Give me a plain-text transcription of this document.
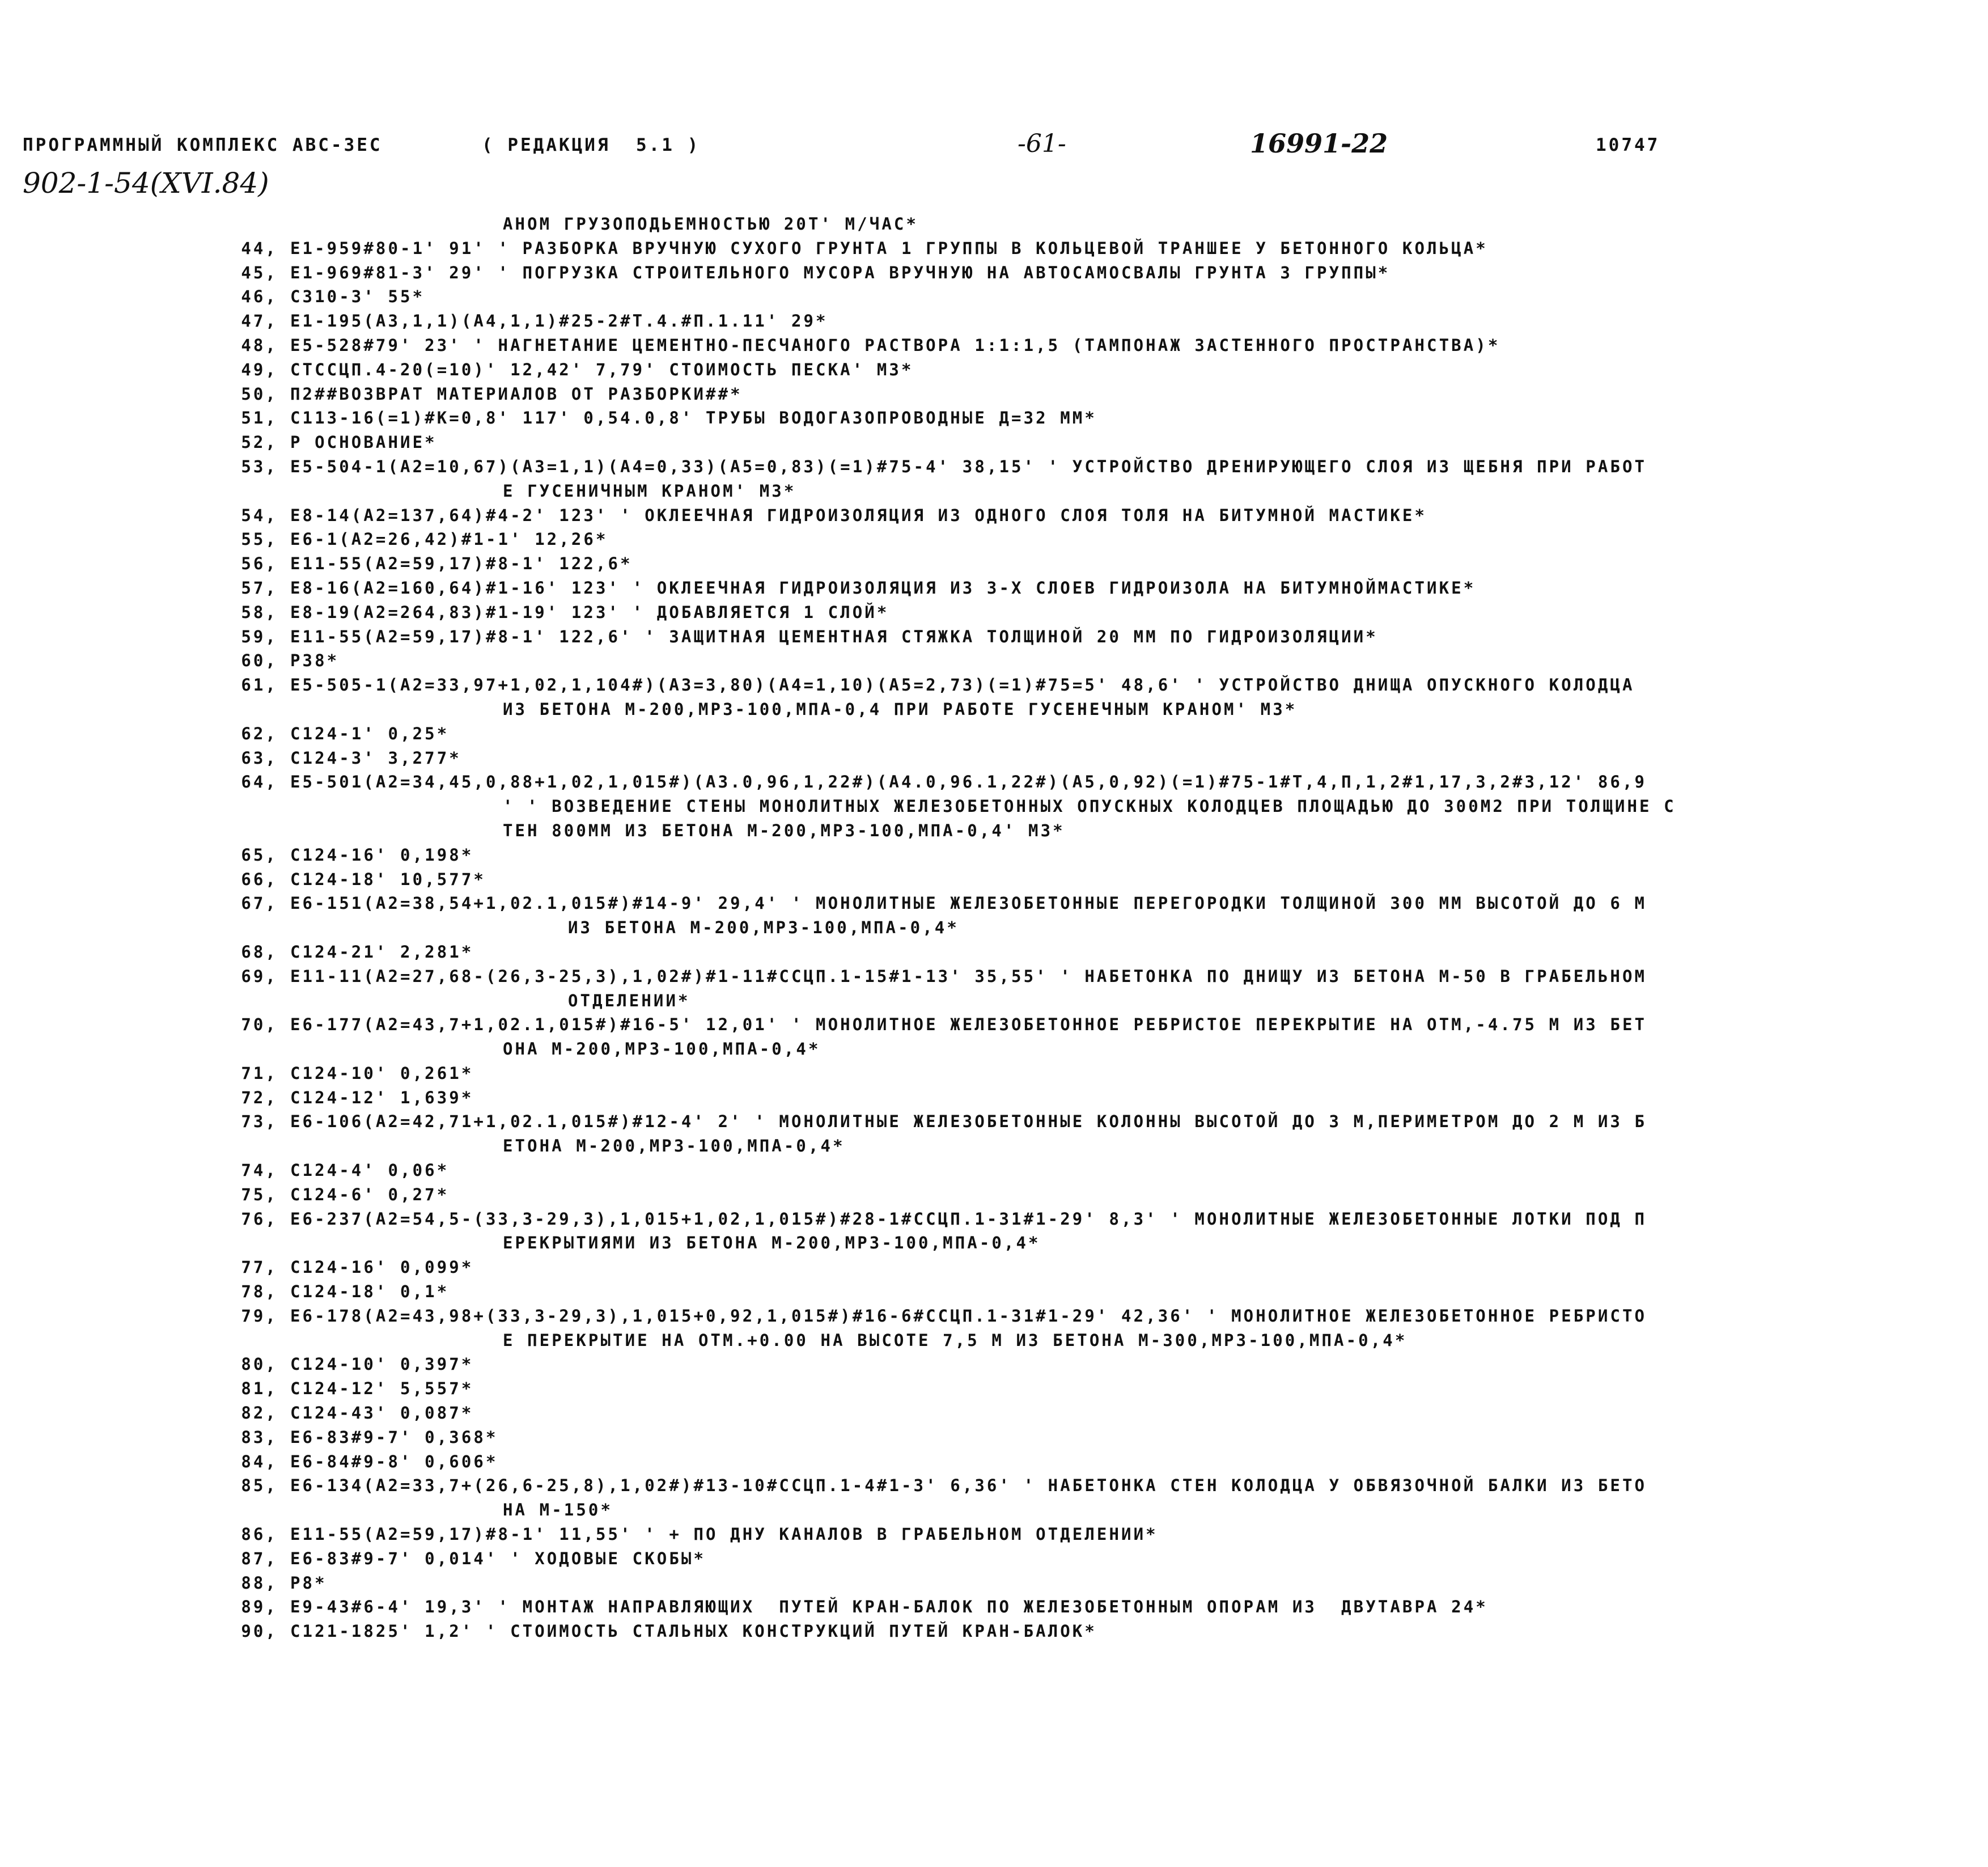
ПРОГРАММНЫЙ КОМПЛЕКС АВС-3ЕС	( РЕДАКЦИЯ  5.1 )	-61-	16991-22	10747
902-1-54(XVI.84)
АНОМ ГРУЗОПОДЬЕМНОСТЬЮ 20Т' М/ЧАС*
44, E1-959#80-1' 91' ' РАЗБОРКА ВРУЧНУЮ СУХОГО ГРУНТА 1 ГРУППЫ В КОЛЬЦЕВОЙ ТРАНШЕЕ У БЕТОННОГО КОЛЬЦА*
45, E1-969#81-3' 29' ' ПОГРУЗКА СТРОИТЕЛЬНОГО МУСОРА ВРУЧНУЮ НА АВТОСАМОСВАЛЫ ГРУНТА 3 ГРУППЫ*
46, C310-3' 55*
47, E1-195(A3,1,1)(A4,1,1)#25-2#T.4.#П.1.11' 29*
48, E5-528#79' 23' ' НАГНЕТАНИЕ ЦЕМЕНТНО-ПЕСЧАНОГО РАСТВОРА 1:1:1,5 (ТАМПОНАЖ ЗАСТЕННОГО ПРОСТРАНСТВА)*
49, CTCCЦП.4-20(=10)' 12,42' 7,79' СТОИМОСТЬ ПЕСКА' М3*
50, П2##ВОЗВРАТ МАТЕРИАЛОВ ОТ РАЗБОРКИ##*
51, C113-16(=1)#K=0,8' 117' 0,54.0,8' ТРУБЫ ВОДОГАЗОПРОВОДНЫЕ Д=32 ММ*
52, P ОСНОВАНИЕ*
53, E5-504-1(A2=10,67)(A3=1,1)(A4=0,33)(A5=0,83)(=1)#75-4' 38,15' ' УСТРОЙСТВО ДРЕНИРУЮЩЕГО СЛОЯ ИЗ ЩЕБНЯ ПРИ РАБОТ
Е ГУСЕНИЧНЫМ КРАНОМ' М3*
54, E8-14(A2=137,64)#4-2' 123' ' ОКЛЕЕЧНАЯ ГИДРОИЗОЛЯЦИЯ ИЗ ОДНОГО СЛОЯ ТОЛЯ НА БИТУМНОЙ МАСТИКЕ*
55, E6-1(A2=26,42)#1-1' 12,26*
56, E11-55(A2=59,17)#8-1' 122,6*
57, E8-16(A2=160,64)#1-16' 123' ' ОКЛЕЕЧНАЯ ГИДРОИЗОЛЯЦИЯ ИЗ 3-Х СЛОЕВ ГИДРОИЗОЛА НА БИТУМНОЙМАСТИКЕ*
58, E8-19(A2=264,83)#1-19' 123' ' ДОБАВЛЯЕТСЯ 1 СЛОЙ*
59, E11-55(A2=59,17)#8-1' 122,6' ' ЗАЩИТНАЯ ЦЕМЕНТНАЯ СТЯЖКА ТОЛЩИНОЙ 20 ММ ПО ГИДРОИЗОЛЯЦИИ*
60, P38*
61, E5-505-1(A2=33,97+1,02,1,104#)(A3=3,80)(A4=1,10)(A5=2,73)(=1)#75=5' 48,6' ' УСТРОЙСТВО ДНИЩА ОПУСКНОГО КОЛОДЦА
ИЗ БЕТОНА М-200,МРЗ-100,МПА-0,4 ПРИ РАБОТЕ ГУСЕНЕЧНЫМ КРАНОМ' М3*
62, C124-1' 0,25*
63, C124-3' 3,277*
64, E5-501(A2=34,45,0,88+1,02,1,015#)(A3.0,96,1,22#)(A4.0,96.1,22#)(A5,0,92)(=1)#75-1#T,4,П,1,2#1,17,3,2#3,12' 86,9
' ' ВОЗВЕДЕНИЕ СТЕНЫ МОНОЛИТНЫХ ЖЕЛЕЗОБЕТОННЫХ ОПУСКНЫХ КОЛОДЦЕВ ПЛОЩАДЬЮ ДО 300М2 ПРИ ТОЛЩИНЕ С
ТЕН 800ММ ИЗ БЕТОНА М-200,МРЗ-100,МПА-0,4' М3*
65, C124-16' 0,198*
66, C124-18' 10,577*
67, E6-151(A2=38,54+1,02.1,015#)#14-9' 29,4' ' МОНОЛИТНЫЕ ЖЕЛЕЗОБЕТОННЫЕ ПЕРЕГОРОДКИ ТОЛЩИНОЙ 300 ММ ВЫСОТОЙ ДО 6 М
ИЗ БЕТОНА М-200,МРЗ-100,МПА-0,4*
68, C124-21' 2,281*
69, E11-11(A2=27,68-(26,3-25,3),1,02#)#1-11#ССЦП.1-15#1-13' 35,55' ' НАБЕТОНКА ПО ДНИЩУ ИЗ БЕТОНА М-50 В ГРАБЕЛЬНОМ
ОТДЕЛЕНИИ*
70, E6-177(A2=43,7+1,02.1,015#)#16-5' 12,01' ' МОНОЛИТНОЕ ЖЕЛЕЗОБЕТОННОЕ РЕБРИСТОЕ ПЕРЕКРЫТИЕ НА ОТМ,-4.75 М ИЗ БЕТ
ОНА М-200,МРЗ-100,МПА-0,4*
71, C124-10' 0,261*
72, C124-12' 1,639*
73, E6-106(A2=42,71+1,02.1,015#)#12-4' 2' ' МОНОЛИТНЫЕ ЖЕЛЕЗОБЕТОННЫЕ КОЛОННЫ ВЫСОТОЙ ДО 3 М,ПЕРИМЕТРОМ ДО 2 М ИЗ Б
ЕТОНА М-200,МРЗ-100,МПА-0,4*
74, C124-4' 0,06*
75, C124-6' 0,27*
76, E6-237(A2=54,5-(33,3-29,3),1,015+1,02,1,015#)#28-1#ССЦП.1-31#1-29' 8,3' ' МОНОЛИТНЫЕ ЖЕЛЕЗОБЕТОННЫЕ ЛОТКИ ПОД П
ЕРЕКРЫТИЯМИ ИЗ БЕТОНА М-200,МРЗ-100,МПА-0,4*
77, C124-16' 0,099*
78, C124-18' 0,1*
79, E6-178(A2=43,98+(33,3-29,3),1,015+0,92,1,015#)#16-6#ССЦП.1-31#1-29' 42,36' ' МОНОЛИТНОЕ ЖЕЛЕЗОБЕТОННОЕ РЕБРИСТО
Е ПЕРЕКРЫТИЕ НА ОТМ.+0.00 НА ВЫСОТЕ 7,5 М ИЗ БЕТОНА М-300,МРЗ-100,МПА-0,4*
80, C124-10' 0,397*
81, C124-12' 5,557*
82, C124-43' 0,087*
83, E6-83#9-7' 0,368*
84, E6-84#9-8' 0,606*
85, E6-134(A2=33,7+(26,6-25,8),1,02#)#13-10#ССЦП.1-4#1-3' 6,36' ' НАБЕТОНКА СТЕН КОЛОДЦА У ОБВЯЗОЧНОЙ БАЛКИ ИЗ БЕТО
НА М-150*
86, E11-55(A2=59,17)#8-1' 11,55' ' + ПО ДНУ КАНАЛОВ В ГРАБЕЛЬНОМ ОТДЕЛЕНИИ*
87, E6-83#9-7' 0,014' ' ХОДОВЫЕ СКОБЫ*
88, P8*
89, E9-43#6-4' 19,3' ' МОНТАЖ НАПРАВЛЯЮЩИХ  ПУТЕЙ КРАН-БАЛОК ПО ЖЕЛЕЗОБЕТОННЫМ ОПОРАМ ИЗ  ДВУТАВРА 24*
90, C121-1825' 1,2' ' СТОИМОСТЬ СТАЛЬНЫХ КОНСТРУКЦИЙ ПУТЕЙ КРАН-БАЛОК*
